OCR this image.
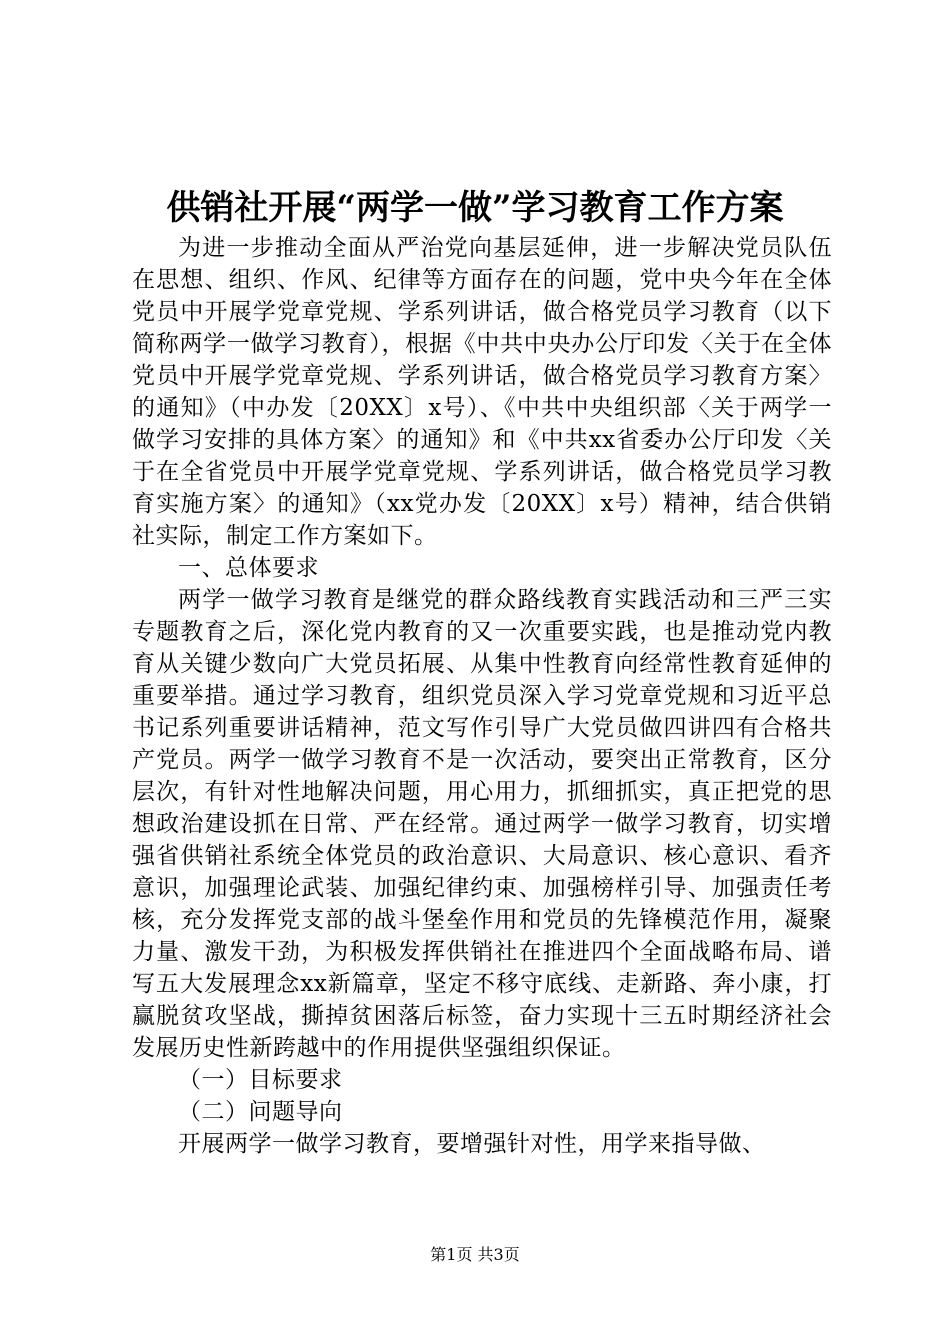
供销社开展“两学一做”学习教育工作方案

为进一步推动全面从严治党向基层延伸，进一步解决党员队伍在思想、组织、作风、纪律等方面存在的问题，党中央今年在全体党员中开展学党章党规、学系列讲话，做合格党员学习教育（以下简称两学一做学习教育），根据《中共中央办公厅印发〈关于在全体党员中开展学党章党规、学系列讲话，做合格党员学习教育方案〉的通知》（中办发〔20XX〕x号）、《中共中央组织部〈关于两学一做学习安排的具体方案〉的通知》和《中共xx省委办公厅印发〈关于在全省党员中开展学党章党规、学系列讲话，做合格党员学习教育实施方案〉的通知》（xx党办发〔20XX〕x号）精神，结合供销社实际，制定工作方案如下。

一、总体要求

两学一做学习教育是继党的群众路线教育实践活动和三严三实专题教育之后，深化党内教育的又一次重要实践，也是推动党内教育从关键少数向广大党员拓展、从集中性教育向经常性教育延伸的重要举措。通过学习教育，组织党员深入学习党章党规和习近平总书记系列重要讲话精神，范文写作引导广大党员做四讲四有合格共产党员。两学一做学习教育不是一次活动，要突出正常教育，区分层次，有针对性地解决问题，用心用力，抓细抓实，真正把党的思想政治建设抓在日常、严在经常。通过两学一做学习教育，切实增强省供销社系统全体党员的政治意识、大局意识、核心意识、看齐意识，加强理论武装、加强纪律约束、加强榜样引导、加强责任考核，充分发挥党支部的战斗堡垒作用和党员的先锋模范作用，凝聚力量、激发干劲，为积极发挥供销社在推进四个全面战略布局、谱写五大发展理念xx新篇章，坚定不移守底线、走新路、奔小康，打赢脱贫攻坚战，撕掉贫困落后标签，奋力实现十三五时期经济社会发展历史性新跨越中的作用提供坚强组织保证。

（一）目标要求

（二）问题导向

开展两学一做学习教育，要增强针对性，用学来指导做、

第1页 共3页
